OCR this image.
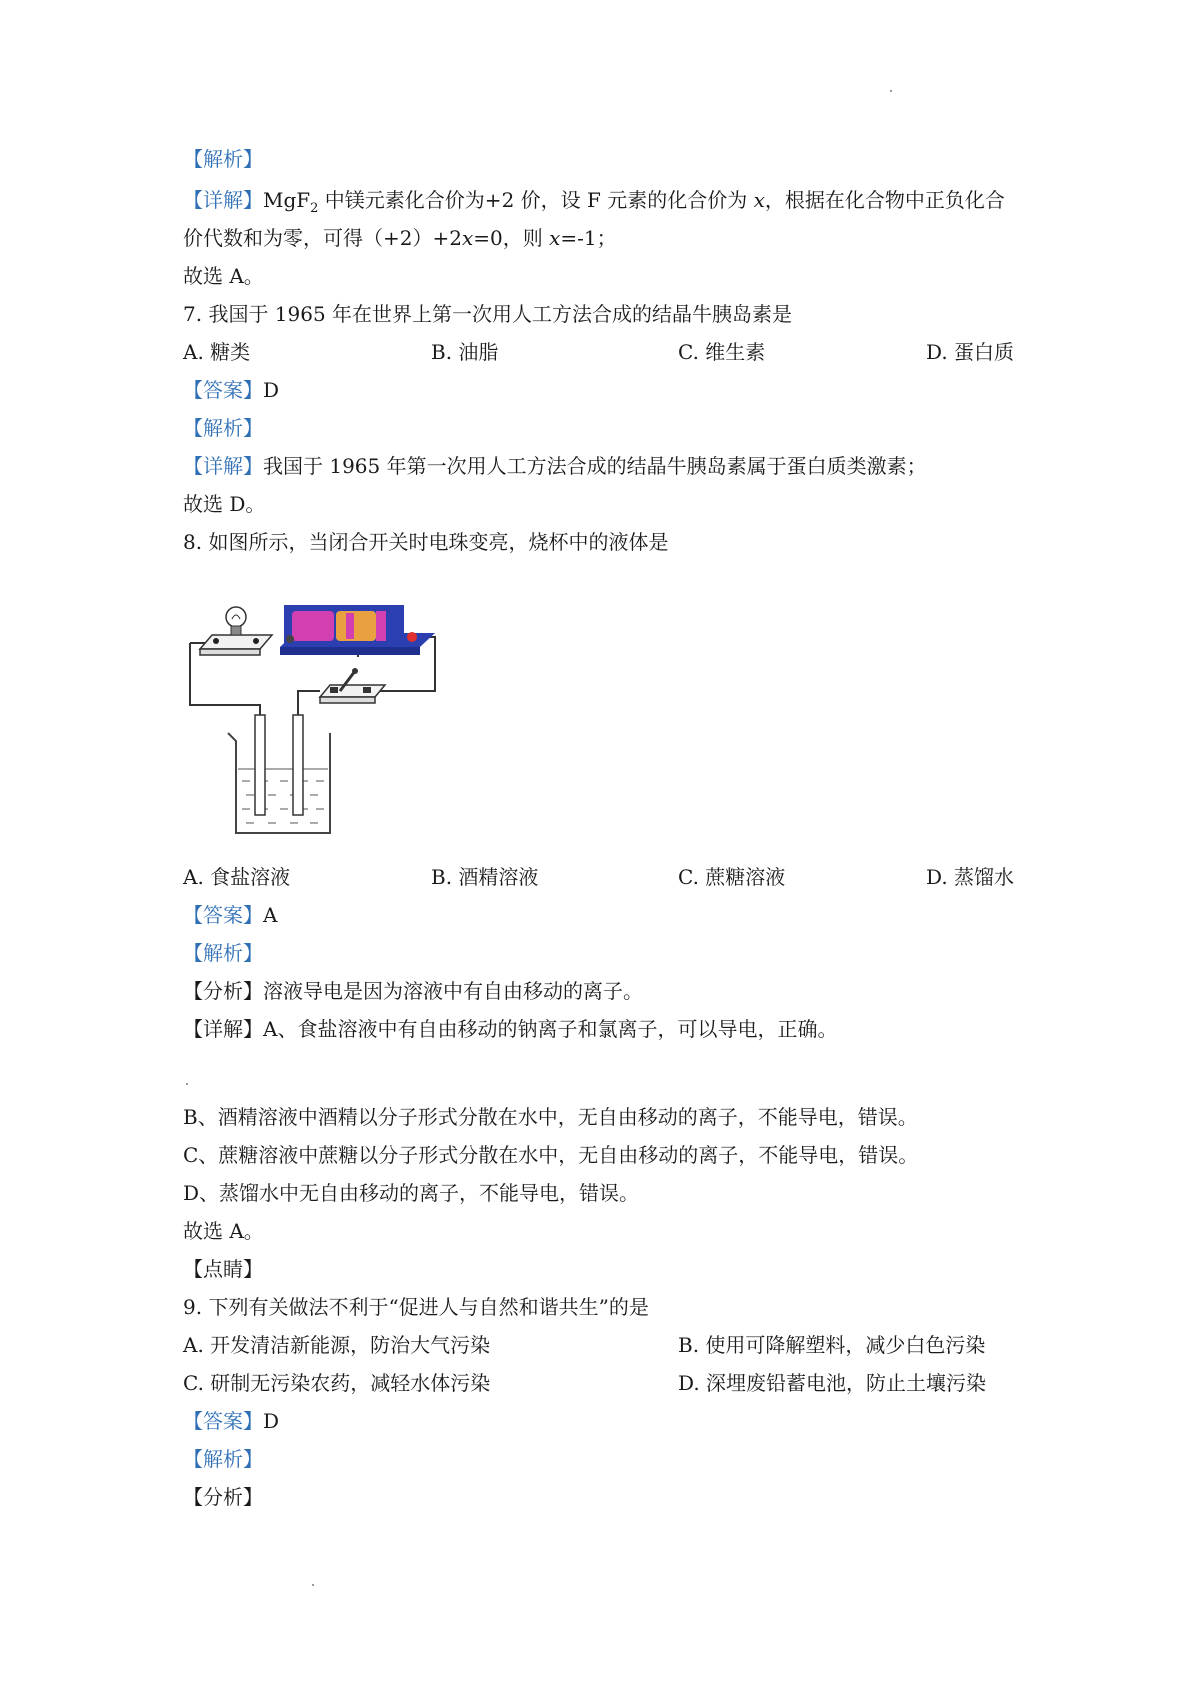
【解析】
【详解】MgF$_2$ 中镁元素化合价为+2 价，设 F 元素的化合价为 x，根据在化合物中正负化合
价代数和为零，可得（+2）+2x=0，则 x=-1；
故选 A。
7. 我国于 1965 年在世界上第一次用人工方法合成的结晶牛胰岛素是
A. 糖类	B. 油脂	C. 维生素	D. 蛋白质
【答案】D
【解析】
【详解】我国于 1965 年第一次用人工方法合成的结晶牛胰岛素属于蛋白质类激素；
故选 D。
8. 如图所示，当闭合开关时电珠变亮，烧杯中的液体是
A. 食盐溶液	B. 酒精溶液	C. 蔗糖溶液	D. 蒸馏水
【答案】A
【解析】
【分析】溶液导电是因为溶液中有自由移动的离子。
【详解】A、食盐溶液中有自由移动的钠离子和氯离子，可以导电，正确。
B、酒精溶液中酒精以分子形式分散在水中，无自由移动的离子，不能导电，错误。
C、蔗糖溶液中蔗糖以分子形式分散在水中，无自由移动的离子，不能导电，错误。
D、蒸馏水中无自由移动的离子，不能导电，错误。
故选 A。
【点睛】
9. 下列有关做法不利于“促进人与自然和谐共生”的是
A. 开发清洁新能源，防治大气污染	B. 使用可降解塑料，减少白色污染
C. 研制无污染农药，减轻水体污染	D. 深埋废铅蓄电池，防止土壤污染
【答案】D
【解析】
【分析】
